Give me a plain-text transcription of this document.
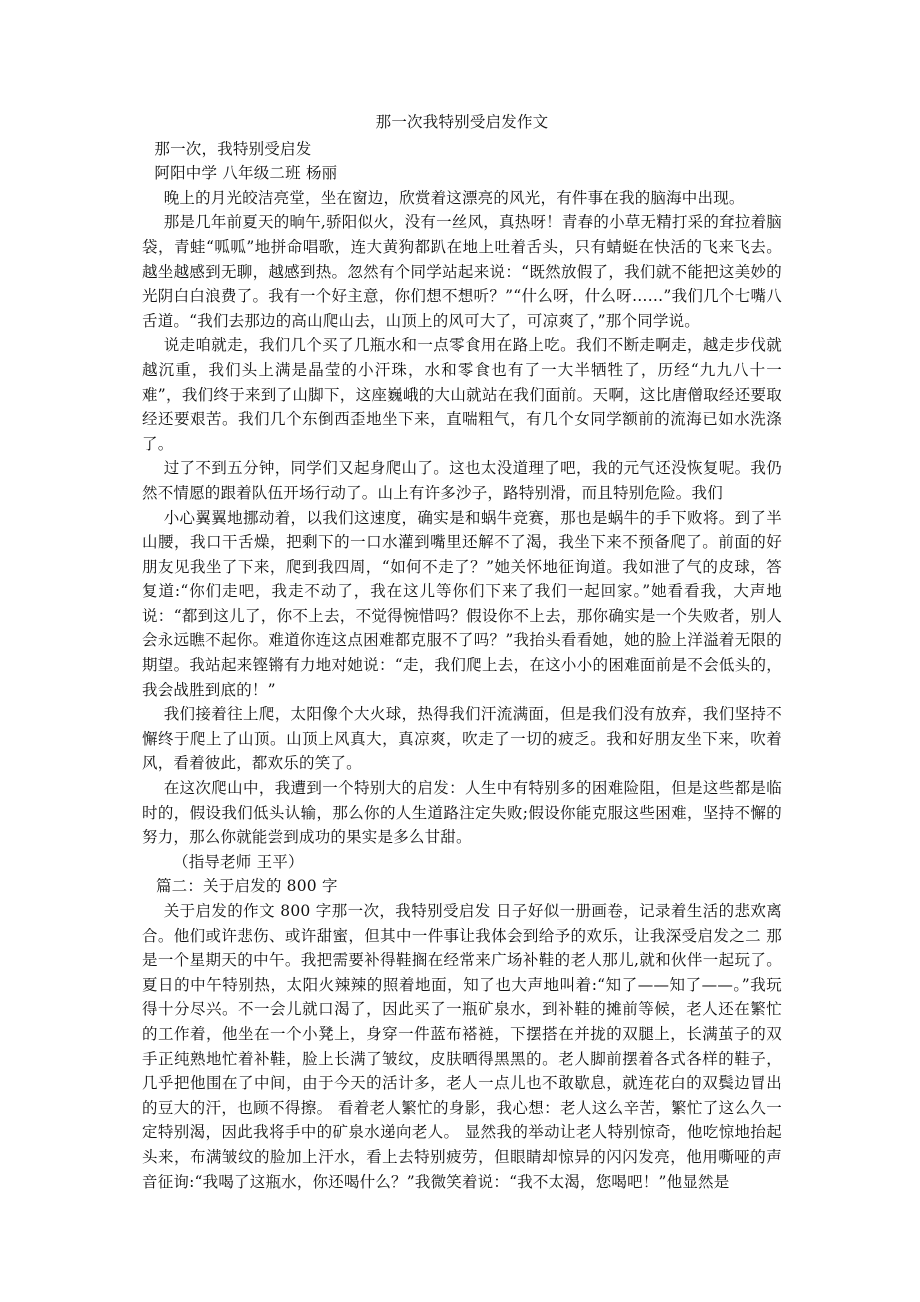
那一次我特别受启发作文

那一次，我特别受启发

阿阳中学 八年级二班 杨丽

晚上的月光皎洁亮堂，坐在窗边，欣赏着这漂亮的风光，有件事在我的脑海中出现。

那是几年前夏天的晌午,骄阳似火，没有一丝风，真热呀！青春的小草无精打采的耷拉着脑袋，青蛙“呱呱”地拼命唱歌，连大黄狗都趴在地上吐着舌头，只有蜻蜓在快活的飞来飞去。越坐越感到无聊，越感到热。忽然有个同学站起来说：“既然放假了，我们就不能把这美妙的光阴白白浪费了。我有一个好主意，你们想不想听？”“什么呀，什么呀……”我们几个七嘴八舌道。“我们去那边的高山爬山去，山顶上的风可大了，可凉爽了，”那个同学说。

说走咱就走，我们几个买了几瓶水和一点零食用在路上吃。我们不断走啊走，越走步伐就越沉重，我们头上满是晶莹的小汗珠，水和零食也有了一大半牺牲了，历经“九九八十一难”，我们终于来到了山脚下，这座巍峨的大山就站在我们面前。天啊，这比唐僧取经还要取经还要艰苦。我们几个东倒西歪地坐下来，直喘粗气，有几个女同学额前的流海已如水洗涤了。

过了不到五分钟，同学们又起身爬山了。这也太没道理了吧，我的元气还没恢复呢。我仍然不情愿的跟着队伍开场行动了。山上有许多沙子，路特别滑，而且特别危险。我们

小心翼翼地挪动着，以我们这速度，确实是和蜗牛竞赛，那也是蜗牛的手下败将。到了半山腰，我口干舌燥，把剩下的一口水灌到嘴里还解不了渴，我坐下来不预备爬了。前面的好朋友见我坐了下来，爬到我四周，“如何不走了？”她关怀地征询道。我如泄了气的皮球，答复道:“你们走吧，我走不动了，我在这儿等你们下来了我们一起回家。”她看看我，大声地说：“都到这儿了，你不上去，不觉得惋惜吗？假设你不上去，那你确实是一个失败者，别人会永远瞧不起你。难道你连这点困难都克服不了吗？”我抬头看看她，她的脸上洋溢着无限的期望。我站起来铿锵有力地对她说：“走，我们爬上去，在这小小的困难面前是不会低头的，我会战胜到底的！”

我们接着往上爬，太阳像个大火球，热得我们汗流满面，但是我们没有放弃，我们坚持不懈终于爬上了山顶。山顶上风真大，真凉爽，吹走了一切的疲乏。我和好朋友坐下来，吹着风，看着彼此，都欢乐的笑了。

在这次爬山中，我遭到一个特别大的启发：人生中有特别多的困难险阻，但是这些都是临时的，假设我们低头认输，那么你的人生道路注定失败;假设你能克服这些困难，坚持不懈的努力，那么你就能尝到成功的果实是多么甘甜。

（指导老师 王平）

篇二：关于启发的 800 字

关于启发的作文 800 字那一次，我特别受启发 日子好似一册画卷，记录着生活的悲欢离合。他们或许悲伤、或许甜蜜，但其中一件事让我体会到给予的欢乐，让我深受启发之二 那是一个星期天的中午。我把需要补得鞋搁在经常来广场补鞋的老人那儿,就和伙伴一起玩了。夏日的中午特别热，太阳火辣辣的照着地面，知了也大声地叫着:“知了——知了——。”我玩得十分尽兴。不一会儿就口渴了，因此买了一瓶矿泉水，到补鞋的摊前等候，老人还在繁忙的工作着，他坐在一个小凳上，身穿一件蓝布褡裢，下摆搭在并拢的双腿上，长满茧子的双手正纯熟地忙着补鞋，脸上长满了皱纹，皮肤晒得黑黑的。老人脚前摆着各式各样的鞋子，几乎把他围在了中间，由于今天的活计多，老人一点儿也不敢歇息，就连花白的双鬓边冒出的豆大的汗，也顾不得擦。 看着老人繁忙的身影，我心想：老人这么辛苦，繁忙了这么久一定特别渴，因此我将手中的矿泉水递向老人。 显然我的举动让老人特别惊奇，他吃惊地抬起头来，布满皱纹的脸加上汗水，看上去特别疲劳，但眼睛却惊异的闪闪发亮，他用嘶哑的声音征询:“我喝了这瓶水，你还喝什么？”我微笑着说：“我不太渴，您喝吧！”他显然是
